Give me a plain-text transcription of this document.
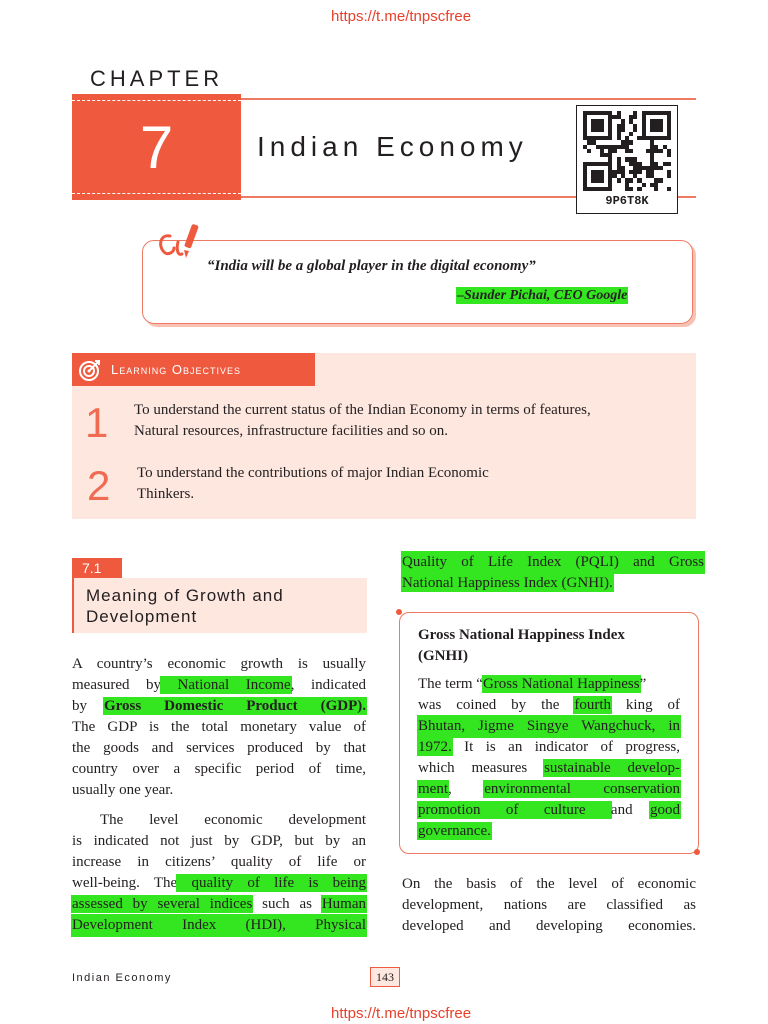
https://t.me/tnpscfree
CHAPTER
7	Indian Economy
9P6T8K
“India will be a global player in the digital economy”
–Sunder Pichai, CEO Google
Learning Objectives
1 To understand the current status of the Indian Economy in terms of features,
Natural resources, infrastructure facilities and so on.
2 To understand the contributions of major Indian Economic
Thinkers.
7.1
Meaning of Growth and
Development
A country’s economic growth is usually
measured by National Income, indicated
by Gross Domestic Product (GDP).
The GDP is the total monetary value of
the goods and services produced by that
country over a specific period of time,
usually one year.
The level economic development
is indicated not just by GDP, but by an
increase in citizens’ quality of life or
well-being. The quality of life is being
assessed by several indices such as Human
Development Index (HDI), Physical
Quality of Life Index (PQLI) and Gross
National Happiness Index (GNHI).
Gross National Happiness Index
(GNHI)
The term “Gross National Happiness”
was coined by the fourth king of
Bhutan, Jigme Singye Wangchuck, in
1972. It is an indicator of progress,
which measures sustainable develop-
ment, environmental conservation
promotion of culture and good
governance.
On the basis of the level of economic
development, nations are classified as
developed and developing economies.
Indian Economy	143
https://t.me/tnpscfree
